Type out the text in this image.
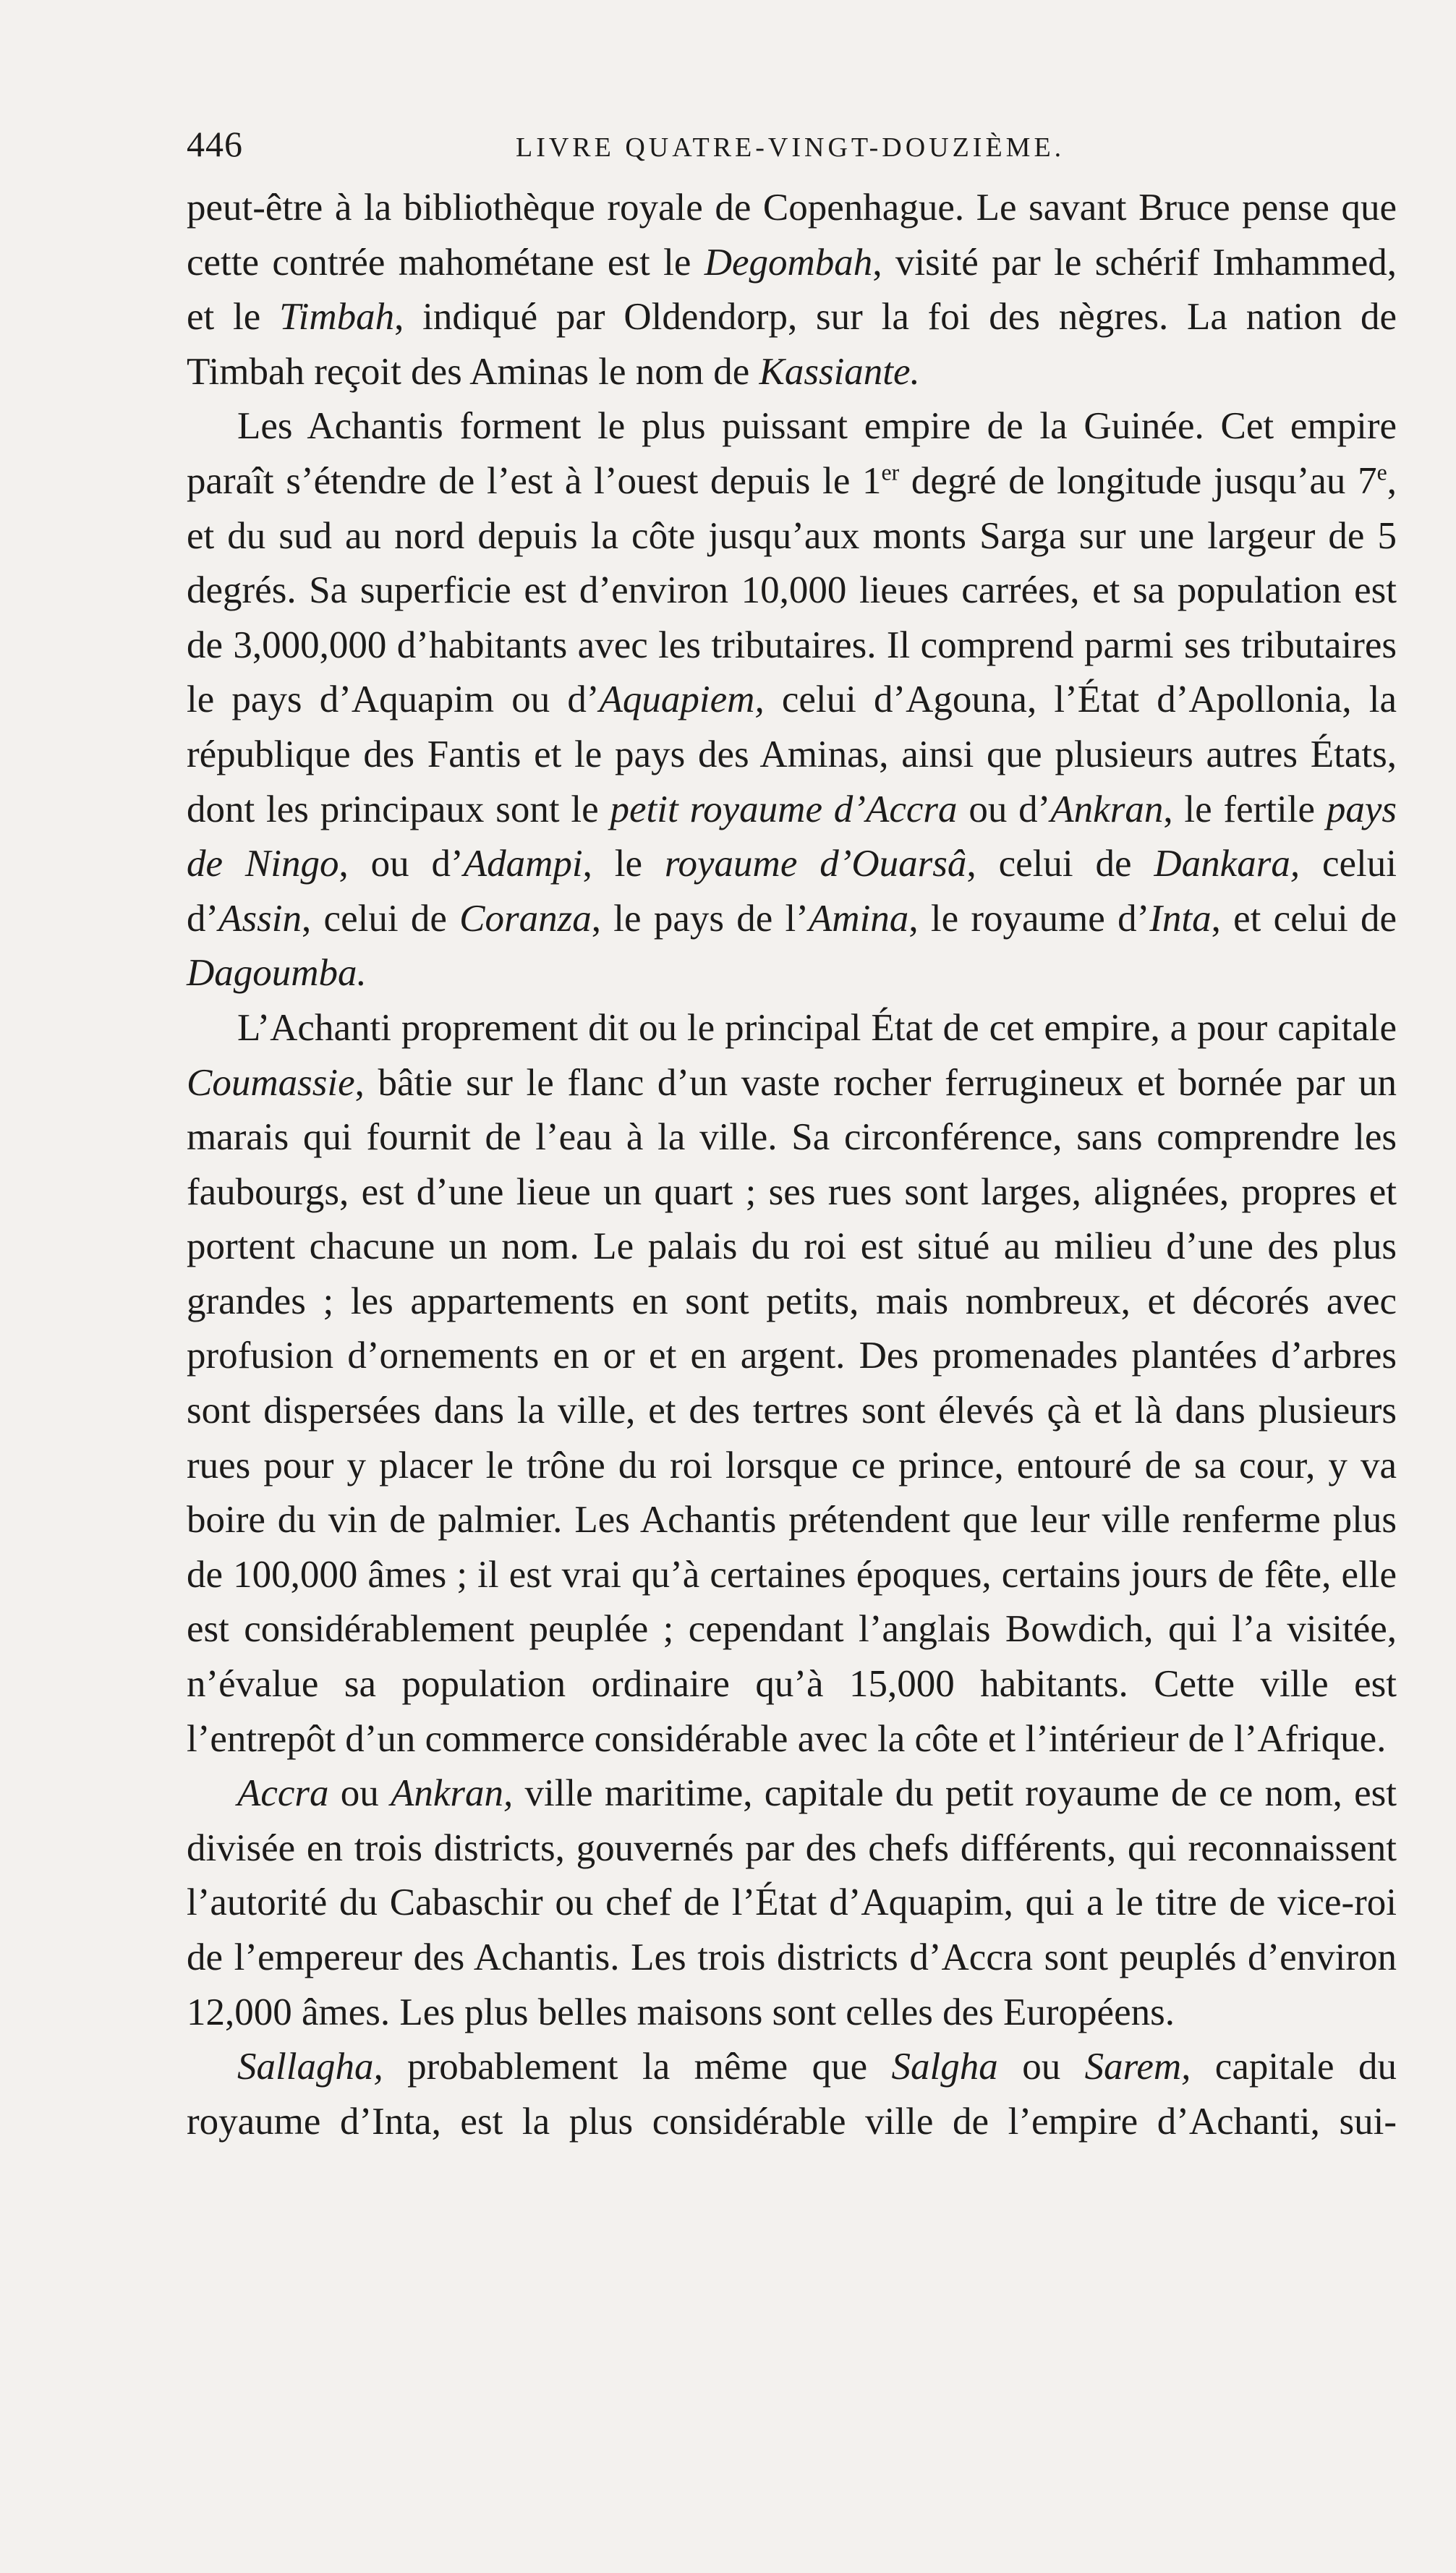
446	LIVRE QUATRE-VINGT-DOUZIÈME.

peut-être à la bibliothèque royale de Copenhague. Le savant Bruce pense que cette contrée mahométane est le Degombah, visité par le schérif Imhammed, et le Timbah, indiqué par Oldendorp, sur la foi des nègres. La nation de Timbah reçoit des Aminas le nom de Kassiante.

Les Achantis forment le plus puissant empire de la Guinée. Cet empire paraît s’étendre de l’est à l’ouest depuis le 1er degré de longitude jusqu’au 7e, et du sud au nord depuis la côte jusqu’aux monts Sarga sur une largeur de 5 degrés. Sa superficie est d’environ 10,000 lieues carrées, et sa population est de 3,000,000 d’habitants avec les tributaires. Il comprend parmi ses tributaires le pays d’Aquapim ou d’Aquapiem, celui d’Agouna, l’État d’Apollonia, la république des Fantis et le pays des Aminas, ainsi que plusieurs autres États, dont les principaux sont le petit royaume d’Accra ou d’Ankran, le fertile pays de Ningo, ou d’Adampi, le royaume d’Ouarsâ, celui de Dankara, celui d’Assin, celui de Coranza, le pays de l’Amina, le royaume d’Inta, et celui de Dagoumba.

L’Achanti proprement dit ou le principal État de cet empire, a pour capitale Coumassie, bâtie sur le flanc d’un vaste rocher ferrugineux et bornée par un marais qui fournit de l’eau à la ville. Sa circonférence, sans comprendre les faubourgs, est d’une lieue un quart ; ses rues sont larges, alignées, propres et portent chacune un nom. Le palais du roi est situé au milieu d’une des plus grandes ; les appartements en sont petits, mais nombreux, et décorés avec profusion d’ornements en or et en argent. Des promenades plantées d’arbres sont dispersées dans la ville, et des tertres sont élevés çà et là dans plusieurs rues pour y placer le trône du roi lorsque ce prince, entouré de sa cour, y va boire du vin de palmier. Les Achantis prétendent que leur ville renferme plus de 100,000 âmes ; il est vrai qu’à certaines époques, certains jours de fête, elle est considérablement peuplée ; cependant l’anglais Bowdich, qui l’a visitée, n’évalue sa population ordinaire qu’à 15,000 habitants. Cette ville est l’entrepôt d’un commerce considérable avec la côte et l’intérieur de l’Afrique.

Accra ou Ankran, ville maritime, capitale du petit royaume de ce nom, est divisée en trois districts, gouvernés par des chefs différents, qui reconnaissent l’autorité du Cabaschir ou chef de l’État d’Aquapim, qui a le titre de vice-roi de l’empereur des Achantis. Les trois districts d’Accra sont peuplés d’environ 12,000 âmes. Les plus belles maisons sont celles des Européens.

Sallagha, probablement la même que Salgha ou Sarem, capitale du royaume d’Inta, est la plus considérable ville de l’empire d’Achanti, sui-
